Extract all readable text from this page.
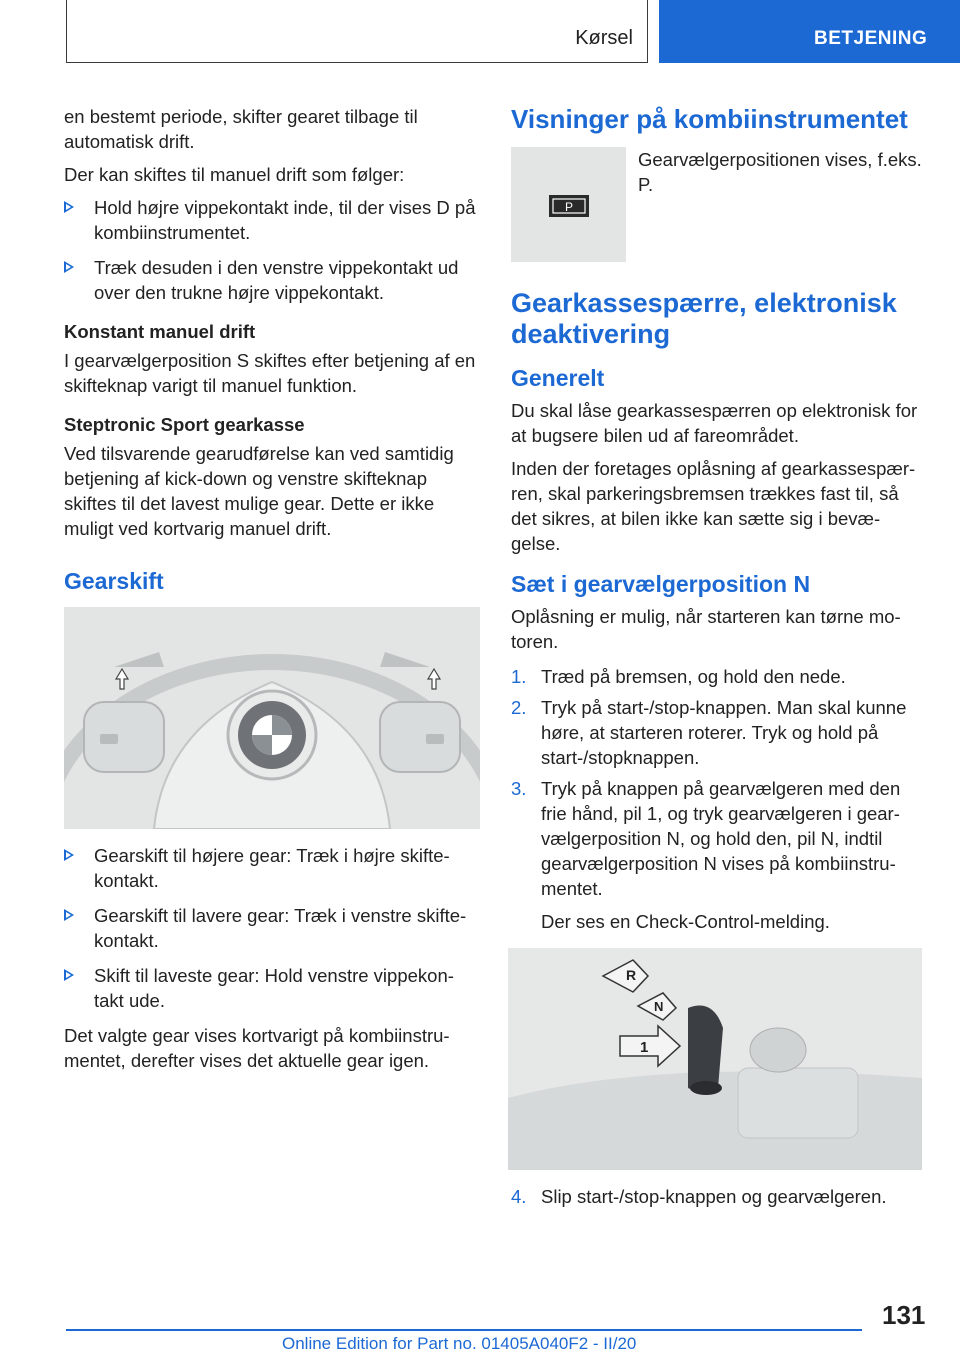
Kørsel	BETJENING

en bestemt periode, skifter gearet tilbage til automatisk drift.

Der kan skiftes til manuel drift som følger:

Hold højre vippekontakt inde, til der vises D på kombiinstrumentet.
Træk desuden i den venstre vippekontakt ud over den trukne højre vippekontakt.
Konstant manuel drift

I gearvælgerposition S skiftes efter betjening af en skifteknap varigt til manuel funktion.

Steptronic Sport gearkasse

Ved tilsvarende gearudførelse kan ved samtidig betjening af kick-down og venstre skifteknap skiftes til det lavest mulige gear. Dette er ikke muligt ved kortvarig manuel drift.

Gearskift
Gearskift til højere gear: Træk i højre skifte-kontakt.
Gearskift til lavere gear: Træk i venstre skifte-kontakt.
Skift til laveste gear: Hold venstre vippekon-takt ude.

Det valgte gear vises kortvarigt på kombiinstru-mentet, derefter vises det aktuelle gear igen.

Visninger på kombiinstrumentet
P

Gearvælgerpositionen vises, f.eks. P.

Gearkassespærre, elektronisk deaktivering
Generelt

Du skal låse gearkassespærren op elektronisk for at bugsere bilen ud af fareområdet.

Inden der foretages oplåsning af gearkassespær-ren, skal parkeringsbremsen trækkes fast til, så det sikres, at bilen ikke kan sætte sig i bevæ-gelse.

Sæt i gearvælgerposition N

Oplåsning er mulig, når starteren kan tørne mo-toren.

1. Træd på bremsen, og hold den nede.
2. Tryk på start-/stop-knappen. Man skal kunne høre, at starteren roterer. Tryk og hold på start-/stopknappen.
3. Tryk på knappen på gearvælgeren med den frie hånd, pil 1, og tryk gearvælgeren i gear-vælgerposition N, og hold den, pil N, indtil gearvælgerposition N vises på kombiinstru-mentet.
Der ses en Check-Control-melding.
R
N
1
4. Slip start-/stop-knappen og gearvælgeren.
131
Online Edition for Part no. 01405A040F2 - II/20
